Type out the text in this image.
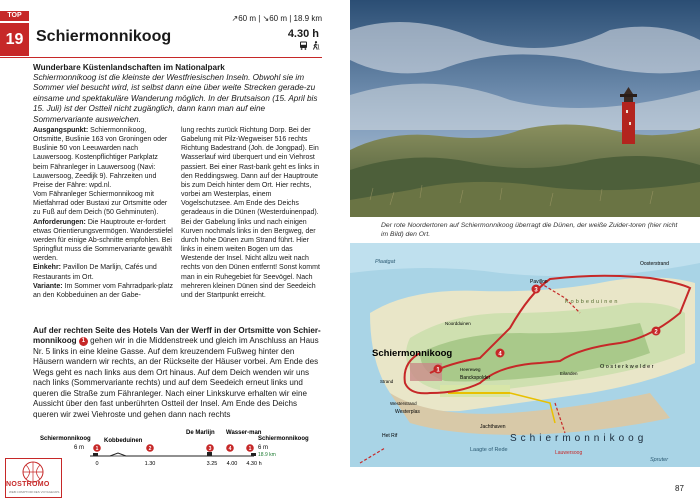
TOP
19 Schiermonnikoog
↗60 m | ↘60 m | 18.9 km
4.30 h
Wunderbare Küstenlandschaften im Nationalpark
Schiermonnikoog ist die kleinste der Westfriesischen Inseln. Obwohl sie im Sommer viel besucht wird, ist selbst dann eine über weite Strecken gerade-zu einsame und spektakuläre Wanderung möglich. In der Brutsaison (15. April bis 15. Juli) ist der Ostteil nicht zugänglich, dann kann man auf eine Sommervariante ausweichen.

Ausgangspunkt: Schiermonnikoog, Ortsmitte, Buslinie 163 von Groningen oder Buslinie 50 von Leeuwarden nach Lauwersoog. Kostenpflichtiger Parkplatz beim Fähranleger in Lauwersoog (Navi: Lauwersoog, Zeedijk 9). Fahrzeiten und Preise der Fähre: wpd.nl.

Vom Fähranleger Schiermonnikoog mit Mietfahrrad oder Bustaxi zur Ortsmitte oder zu Fuß auf dem Deich (50 Gehminuten).

Anforderungen: Die Hauptroute er-fordert etwas Orientierungsvermögen. Wanderstiefel werden für einige Ab-schnitte empfohlen. Bei Springflut muss die Sommervariante gewählt werden.

Einkehr: Pavillon De Marlijn, Cafés und Restaurants im Ort.

Variante: Im Sommer vom Fahrradpark-platz an den Kobbeduinen an der Gabe-

lung rechts zurück Richtung Dorp. Bei der Gabelung mit Pilz-Wegweiser 516 rechts Richtung Badestrand (Joh. de Jongpad). Ein Wasserlauf wird überquert und ein Viehrost passiert. Bei einer Rast-bank geht es links in den Reddingsweg. Dann auf der Hauptroute bis zum Deich hinter dem Ort. Hier rechts, vorbei am Westerplas, einem Vogelschutzsee. Am Ende des Deichs geradeaus in die Dünen (Westerduinenpad). Bei der Gabelung links und nach einigen Kurven nochmals links in den Bergweg, der durch hohe Dünen zum Strand führt. Hier links in einem weiten Bogen um das Westende der Insel. Nicht allzu weit nach rechts von den Dünen entfernt! Sonst kommt man in ein Ruhegebiet für Seevögel. Nach mehreren kleinen Dünen sind der Seedeich und der Startpunkt erreicht.

Auf der rechten Seite des Hotels Van der Werff in der Ortsmitte von Schier-monnikoog 1 gehen wir in die Middenstreek und gleich im Anschluss an Haus Nr. 5 links in eine kleine Gasse. Auf dem kreuzendem Fußweg hinter den Häusern wandern wir rechts, an der Rückseite der Häuser vorbei. Am Ende des Wegs geht es nach links aus dem Ort hinaus. Auf dem Deich wenden wir uns nach links (Sommervariante rechts) und auf dem Seedeich erneut links und queren die Straße zum Fähranleger. Nach einer Linkskurve erhalten wir eine Aussicht über den fast unberührten Ostteil der Insel. Am Ende des Deichs queren wir zwei Viehroste und gehen dann nach rechts
Schiermonnikoog Kobbeduinen
De Marlijn Wasser-man
Schiermonnikoog
6 m	6 m
18.9 km
1	2	3	4	1
0	1.30	3.25 4.00 4.30 h
NOSTROMO
WEB COMPTOIR DES VOYAGEURS
Der rote Noordertoren auf Schiermonnikoog überragt die Dünen, der weiße Zuider-toren (hier nicht im Bild) den Ort.
1
2
3
4
Schiermonnikoog
Schiermonnikoog
Plaatgat	Oosterstrand
Pavillon
Kobbeduinen
Westerplas
Banckspolder
Jachthaven
Het Rif
Laagte of Rede	Lauwersoog
Spruter
Oosterkwelder
Noordduinen
Westerstrand
Eilanden
Heereweg
Strand
87
